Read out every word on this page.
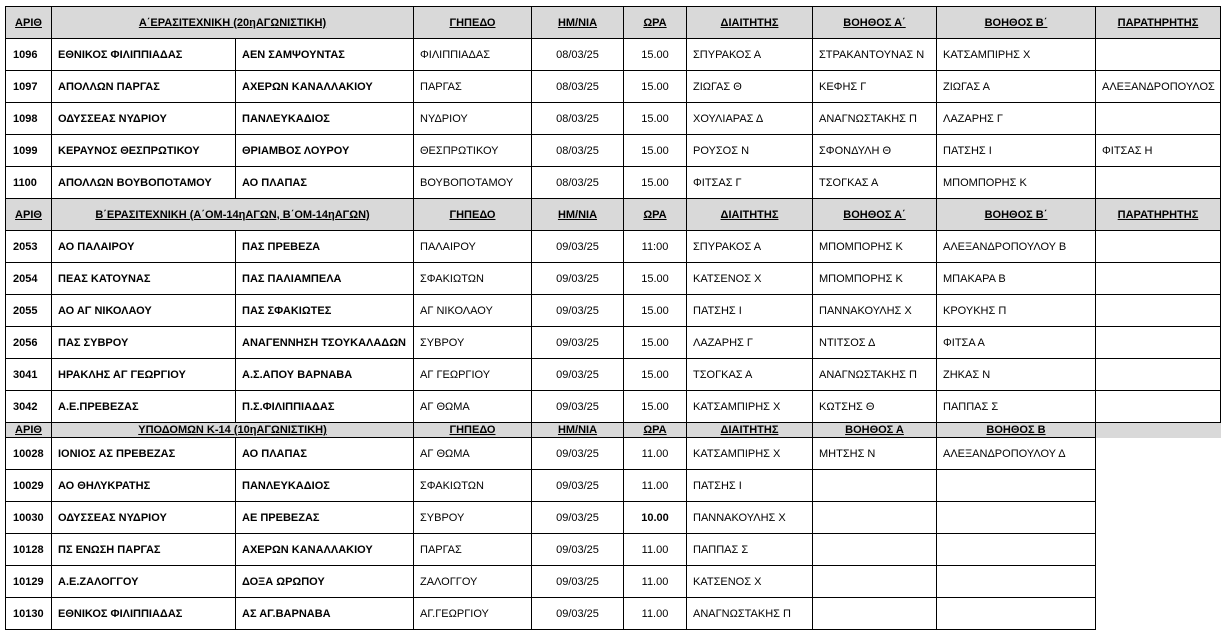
ΑΡΙΘ	Α΄ΕΡΑΣΙΤΕΧΝΙΚΗ (20ηΑΓΩΝΙΣΤΙΚΗ)		ΓΗΠΕΔΟ	ΗΜ/ΝΙΑ	ΩΡΑ	ΔΙΑΙΤΗΤΗΣ	ΒΟΗΘΟΣ Α΄	ΒΟΗΘΟΣ Β΄	ΠΑΡΑΤΗΡΗΤΗΣ
1096	ΕΘΝΙΚΟΣ ΦΙΛΙΠΠΙΑΔΑΣ	ΑΕΝ ΣΑΜΨΟΥΝΤΑΣ	ΦΙΛΙΠΠΙΑΔΑΣ	08/03/25	15.00	ΣΠΥΡΑΚΟΣ Α	ΣΤΡΑΚΑΝΤΟΥΝΑΣ Ν	ΚΑΤΣΑΜΠΙΡΗΣ Χ	
1097	ΑΠΟΛΛΩΝ ΠΑΡΓΑΣ	ΑΧΕΡΩΝ ΚΑΝΑΛΛΑΚΙΟΥ	ΠΑΡΓΑΣ	08/03/25	15.00	ΖΙΩΓΑΣ Θ	ΚΕΦΗΣ Γ	ΖΙΩΓΑΣ Α	ΑΛΕΞΑΝΔΡΟΠΟΥΛΟΣ
1098	ΟΔΥΣΣΕΑΣ ΝΥΔΡΙΟΥ	ΠΑΝΛΕΥΚΑΔΙΟΣ	ΝΥΔΡΙΟΥ	08/03/25	15.00	ΧΟΥΛΙΑΡΑΣ Δ	ΑΝΑΓΝΩΣΤΑΚΗΣ Π	ΛΑΖΑΡΗΣ Γ	
1099	ΚΕΡΑΥΝΟΣ ΘΕΣΠΡΩΤΙΚΟΥ	ΘΡΙΑΜΒΟΣ ΛΟΥΡΟΥ	ΘΕΣΠΡΩΤΙΚΟΥ	08/03/25	15.00	ΡΟΥΣΟΣ Ν	ΣΦΟΝΔΥΛΗ Θ	ΠΑΤΣΗΣ Ι	ΦΙΤΣΑΣ Η
1100	ΑΠΟΛΛΩΝ ΒΟΥΒΟΠΟΤΑΜΟΥ	ΑΟ ΠΛΑΠΑΣ	ΒΟΥΒΟΠΟΤΑΜΟΥ	08/03/25	15.00	ΦΙΤΣΑΣ Γ	ΤΣΟΓΚΑΣ Α	ΜΠΟΜΠΟΡΗΣ Κ	
ΑΡΙΘ	Β΄ΕΡΑΣΙΤΕΧΝΙΚΗ (Α΄ΟΜ-14ηΑΓΩΝ, Β΄ΟΜ-14ηΑΓΩΝ)		ΓΗΠΕΔΟ	ΗΜ/ΝΙΑ	ΩΡΑ	ΔΙΑΙΤΗΤΗΣ	ΒΟΗΘΟΣ Α΄	ΒΟΗΘΟΣ Β΄	ΠΑΡΑΤΗΡΗΤΗΣ
2053	ΑΟ ΠΑΛΑΙΡΟΥ	ΠΑΣ ΠΡΕΒΕΖΑ	ΠΑΛΑΙΡΟΥ	09/03/25	11:00	ΣΠΥΡΑΚΟΣ Α	ΜΠΟΜΠΟΡΗΣ Κ	ΑΛΕΞΑΝΔΡΟΠΟΥΛΟΥ Β	
2054	ΠΕΑΣ ΚΑΤΟΥΝΑΣ	ΠΑΣ ΠΑΛΙΑΜΠΕΛΑ	ΣΦΑΚΙΩΤΩΝ	09/03/25	15.00	ΚΑΤΣΕΝΟΣ Χ	ΜΠΟΜΠΟΡΗΣ Κ	ΜΠΑΚΑΡΑ Β	
2055	ΑΟ ΑΓ ΝΙΚΟΛΑΟΥ	ΠΑΣ ΣΦΑΚΙΩΤΕΣ	ΑΓ ΝΙΚΟΛΑΟΥ	09/03/25	15.00	ΠΑΤΣΗΣ Ι	ΠΑΝΝΑΚΟΥΛΗΣ Χ	ΚΡΟΥΚΗΣ Π	
2056	ΠΑΣ ΣΥΒΡΟΥ	ΑΝΑΓΕΝΝΗΣΗ ΤΣΟΥΚΑΛΑΔΩΝ	ΣΥΒΡΟΥ	09/03/25	15.00	ΛΑΖΑΡΗΣ Γ	ΝΤΙΤΣΟΣ Δ	ΦΙΤΣΑ Α	
3041	ΗΡΑΚΛΗΣ ΑΓ ΓΕΩΡΓΙΟΥ	Α.Σ.ΑΠΟΥ ΒΑΡΝΑΒΑ	ΑΓ ΓΕΩΡΓΙΟΥ	09/03/25	15.00	ΤΣΟΓΚΑΣ Α	ΑΝΑΓΝΩΣΤΑΚΗΣ Π	ΖΗΚΑΣ Ν	
3042	Α.Ε.ΠΡΕΒΕΖΑΣ	Π.Σ.ΦΙΛΙΠΠΙΑΔΑΣ	ΑΓ ΘΩΜΑ	09/03/25	15.00	ΚΑΤΣΑΜΠΙΡΗΣ Χ	ΚΩΤΣΗΣ Θ	ΠΑΠΠΑΣ Σ	
ΑΡΙΘ	ΥΠΟΔΟΜΩΝ Κ-14 (10ηΑΓΩΝΙΣΤΙΚΗ)		ΓΗΠΕΔΟ	ΗΜ/ΝΙΑ	ΩΡΑ	ΔΙΑΙΤΗΤΗΣ	ΒΟΗΘΟΣ Α	ΒΟΗΘΟΣ Β	
10028	ΙΟΝΙΟΣ ΑΣ ΠΡΕΒΕΖΑΣ	ΑΟ ΠΛΑΠΑΣ	ΑΓ ΘΩΜΑ	09/03/25	11.00	ΚΑΤΣΑΜΠΙΡΗΣ Χ	ΜΗΤΣΗΣ Ν	ΑΛΕΞΑΝΔΡΟΠΟΥΛΟΥ Δ	
10029	ΑΟ ΘΗΛΥΚΡΑΤΗΣ	ΠΑΝΛΕΥΚΑΔΙΟΣ	ΣΦΑΚΙΩΤΩΝ	09/03/25	11.00	ΠΑΤΣΗΣ Ι			
10030	ΟΔΥΣΣΕΑΣ ΝΥΔΡΙΟΥ	ΑΕ ΠΡΕΒΕΖΑΣ	ΣΥΒΡΟΥ	09/03/25	10.00	ΠΑΝΝΑΚΟΥΛΗΣ Χ			
10128	ΠΣ ΕΝΩΣΗ ΠΑΡΓΑΣ	ΑΧΕΡΩΝ ΚΑΝΑΛΛΑΚΙΟΥ	ΠΑΡΓΑΣ	09/03/25	11.00	ΠΑΠΠΑΣ Σ			
10129	Α.Ε.ΖΑΛΟΓΓΟΥ	ΔΟΞΑ ΩΡΩΠΟΥ	ΖΑΛΟΓΓΟΥ	09/03/25	11.00	ΚΑΤΣΕΝΟΣ Χ			
10130	ΕΘΝΙΚΟΣ ΦΙΛΙΠΠΙΑΔΑΣ	ΑΣ ΑΓ.ΒΑΡΝΑΒΑ	ΑΓ.ΓΕΩΡΓΙΟΥ	09/03/25	11.00	ΑΝΑΓΝΩΣΤΑΚΗΣ Π			
